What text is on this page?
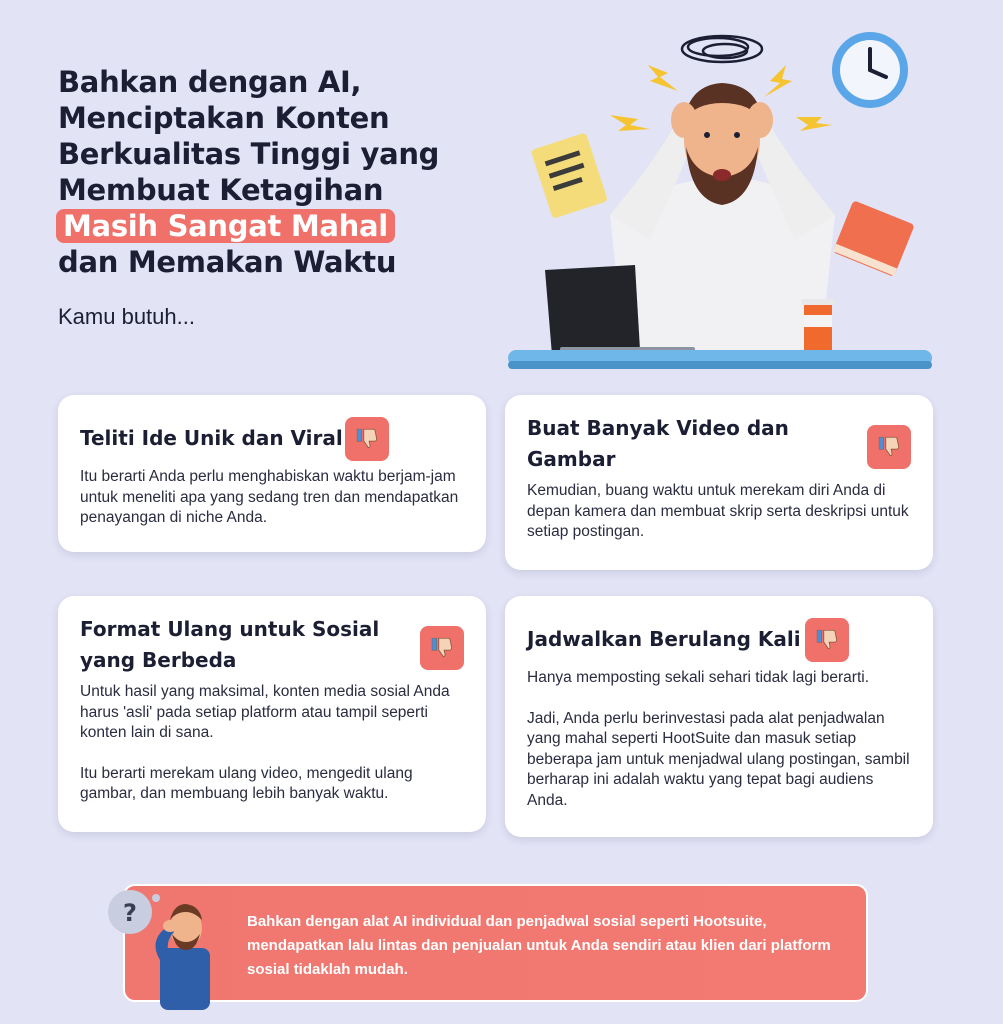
Bahkan dengan AI,
Menciptakan Konten
Berkualitas Tinggi yang
Membuat Ketagihan
Masih Sangat Mahal
dan Memakan Waktu
Kamu butuh...
Teliti Ide Unik dan Viral

Itu berarti Anda perlu menghabiskan waktu berjam-jam untuk meneliti apa yang sedang tren dan mendapatkan penayangan di niche Anda.

Buat Banyak Video dan Gambar

Kemudian, buang waktu untuk merekam diri Anda di depan kamera dan membuat skrip serta deskripsi untuk setiap postingan.

Format Ulang untuk Sosial yang Berbeda

Untuk hasil yang maksimal, konten media sosial Anda harus 'asli' pada setiap platform atau tampil seperti konten lain di sana.

Itu berarti merekam ulang video, mengedit ulang gambar, dan membuang lebih banyak waktu.

Jadwalkan Berulang Kali

Hanya memposting sekali sehari tidak lagi berarti.

Jadi, Anda perlu berinvestasi pada alat penjadwalan yang mahal seperti HootSuite dan masuk setiap beberapa jam untuk menjadwal ulang postingan, sambil berharap ini adalah waktu yang tepat bagi audiens Anda.

Bahkan dengan alat AI individual dan penjadwal sosial seperti Hootsuite, mendapatkan lalu lintas dan penjualan untuk Anda sendiri atau klien dari platform sosial tidaklah mudah.
?
